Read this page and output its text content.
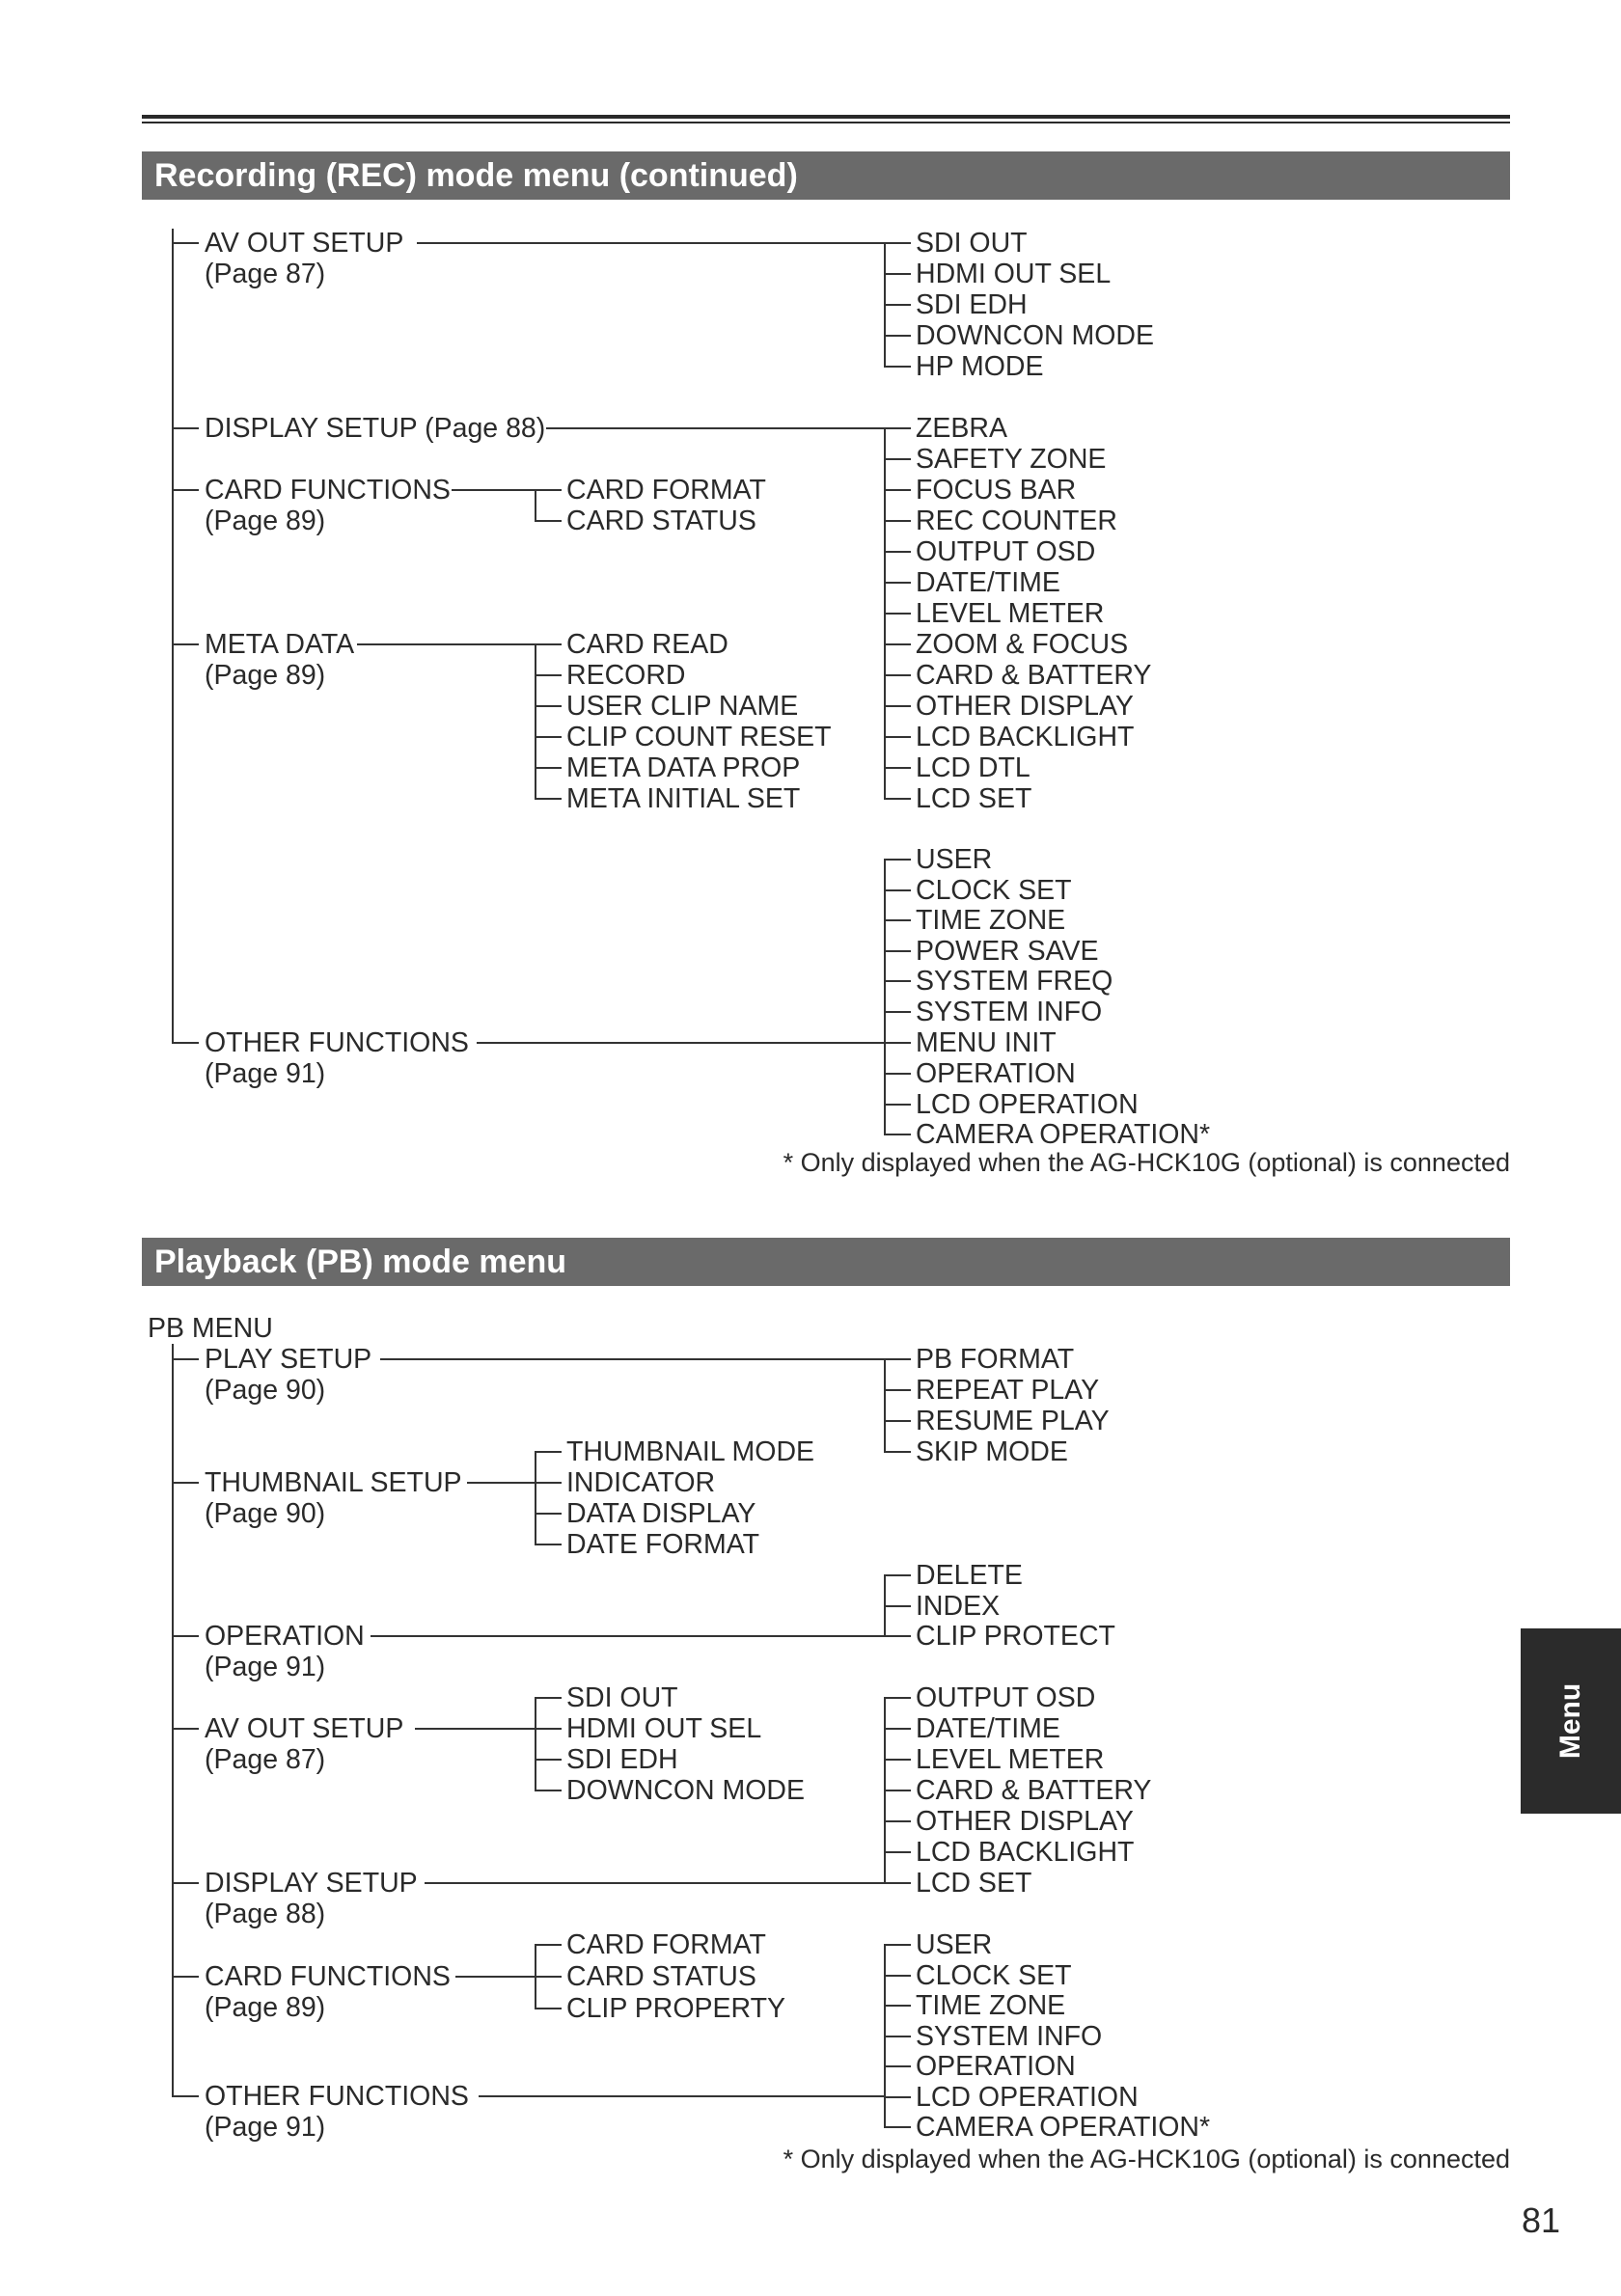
Recording (REC) mode menu (continued)
AV OUT SETUP
(Page 87)
SDI OUT
HDMI OUT SEL
SDI EDH
DOWNCON MODE
HP MODE
DISPLAY SETUP (Page 88)	ZEBRA
SAFETY ZONE
FOCUS BAR
REC COUNTER
OUTPUT OSD
DATE/TIME
LEVEL METER
ZOOM & FOCUS
CARD & BATTERY
OTHER DISPLAY
LCD BACKLIGHT
LCD DTL
LCD SET
CARD FUNCTIONS
(Page 89)
CARD FORMAT
CARD STATUS
META DATA
(Page 89)
CARD READ
RECORD
USER CLIP NAME
CLIP COUNT RESET
META DATA PROP
META INITIAL SET
OTHER FUNCTIONS
(Page 91)
USER
CLOCK SET
TIME ZONE
POWER SAVE
SYSTEM FREQ
SYSTEM INFO
MENU INIT
OPERATION
LCD OPERATION
CAMERA OPERATION*
* Only displayed when the AG-HCK10G (optional) is connected
Playback (PB) mode menu
PB MENU
PLAY SETUP
(Page 90)
PB FORMAT
REPEAT PLAY
RESUME PLAY
SKIP MODE
THUMBNAIL SETUP
(Page 90)
THUMBNAIL MODE
INDICATOR
DATA DISPLAY
DATE FORMAT
OPERATION
(Page 91)
DELETE
INDEX
CLIP PROTECT
AV OUT SETUP
(Page 87)
SDI OUT
HDMI OUT SEL
SDI EDH
DOWNCON MODE
DISPLAY SETUP
(Page 88)
OUTPUT OSD
DATE/TIME
LEVEL METER
CARD & BATTERY
OTHER DISPLAY
LCD BACKLIGHT
LCD SET
CARD FUNCTIONS
(Page 89)
CARD FORMAT
CARD STATUS
CLIP PROPERTY
OTHER FUNCTIONS
(Page 91)
USER
CLOCK SET
TIME ZONE
SYSTEM INFO
OPERATION
LCD OPERATION
CAMERA OPERATION*
* Only displayed when the AG-HCK10G (optional) is connected
Menu
81
